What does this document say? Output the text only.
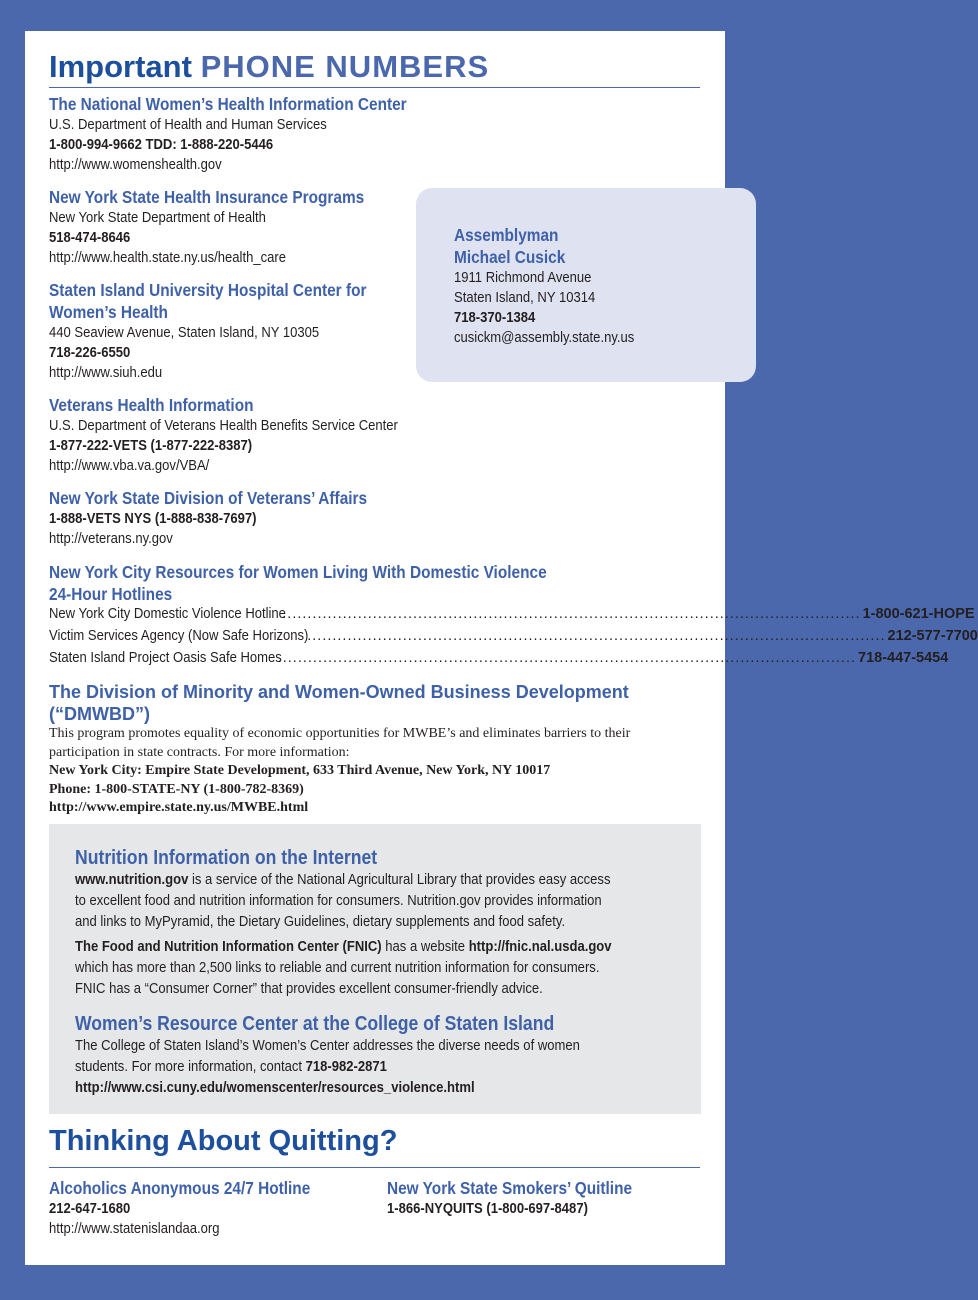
Important PHONE NUMBERS
Assemblyman
Michael Cusick
1911 Richmond Avenue
Staten Island, NY 10314
718-370-1384
cusickm@assembly.state.ny.us
The National Women’s Health Information Center
U.S. Department of Health and Human Services
1-800-994-9662 TDD: 1-888-220-5446
http://www.womenshealth.gov
New York State Health Insurance Programs
New York State Department of Health
518-474-8646
http://www.health.state.ny.us/health_care
Staten Island University Hospital Center for
Women’s Health
440 Seaview Avenue, Staten Island, NY 10305
718-226-6550
http://www.siuh.edu
Veterans Health Information
U.S. Department of Veterans Health Benefits Service Center
1-877-222-VETS (1-877-222-8387)
http://www.vba.va.gov/VBA/
New York State Division of Veterans’ Affairs
1-888-VETS NYS (1-888-838-7697)
http://veterans.ny.gov
New York City Resources for Women Living With Domestic Violence
24-Hour Hotlines
New York City Domestic Violence Hotline
................................................................................................................... 1-800-621-HOPE
Victim Services Agency (Now Safe Horizons)
................................................................................................................... 212-577-7700
Staten Island Project Oasis Safe Homes
................................................................................................................... 718-447-5454
The Division of Minority and Women-Owned Business Development
(“DMWBD”)
This program promotes equality of economic opportunities for MWBE’s and eliminates barriers to their
participation in state contracts. For more information:
New York City: Empire State Development, 633 Third Avenue, New York, NY 10017
Phone: 1-800-STATE-NY (1-800-782-8369)
http://www.empire.state.ny.us/MWBE.html
Nutrition Information on the Internet
www.nutrition.gov is a service of the National Agricultural Library that provides easy access
to excellent food and nutrition information for consumers. Nutrition.gov provides information
and links to MyPyramid, the Dietary Guidelines, dietary supplements and food safety.
The Food and Nutrition Information Center (FNIC) has a website http://fnic.nal.usda.gov
which has more than 2,500 links to reliable and current nutrition information for consumers.
FNIC has a “Consumer Corner” that provides excellent consumer-friendly advice.
Women’s Resource Center at the College of Staten Island
The College of Staten Island’s Women’s Center addresses the diverse needs of women
students. For more information, contact 718-982-2871
http://www.csi.cuny.edu/womenscenter/resources_violence.html
Thinking About Quitting?
Alcoholics Anonymous 24/7 Hotline
212-647-1680
http://www.statenislandaa.org
New York State Smokers’ Quitline
1-866-NYQUITS (1-800-697-8487)
